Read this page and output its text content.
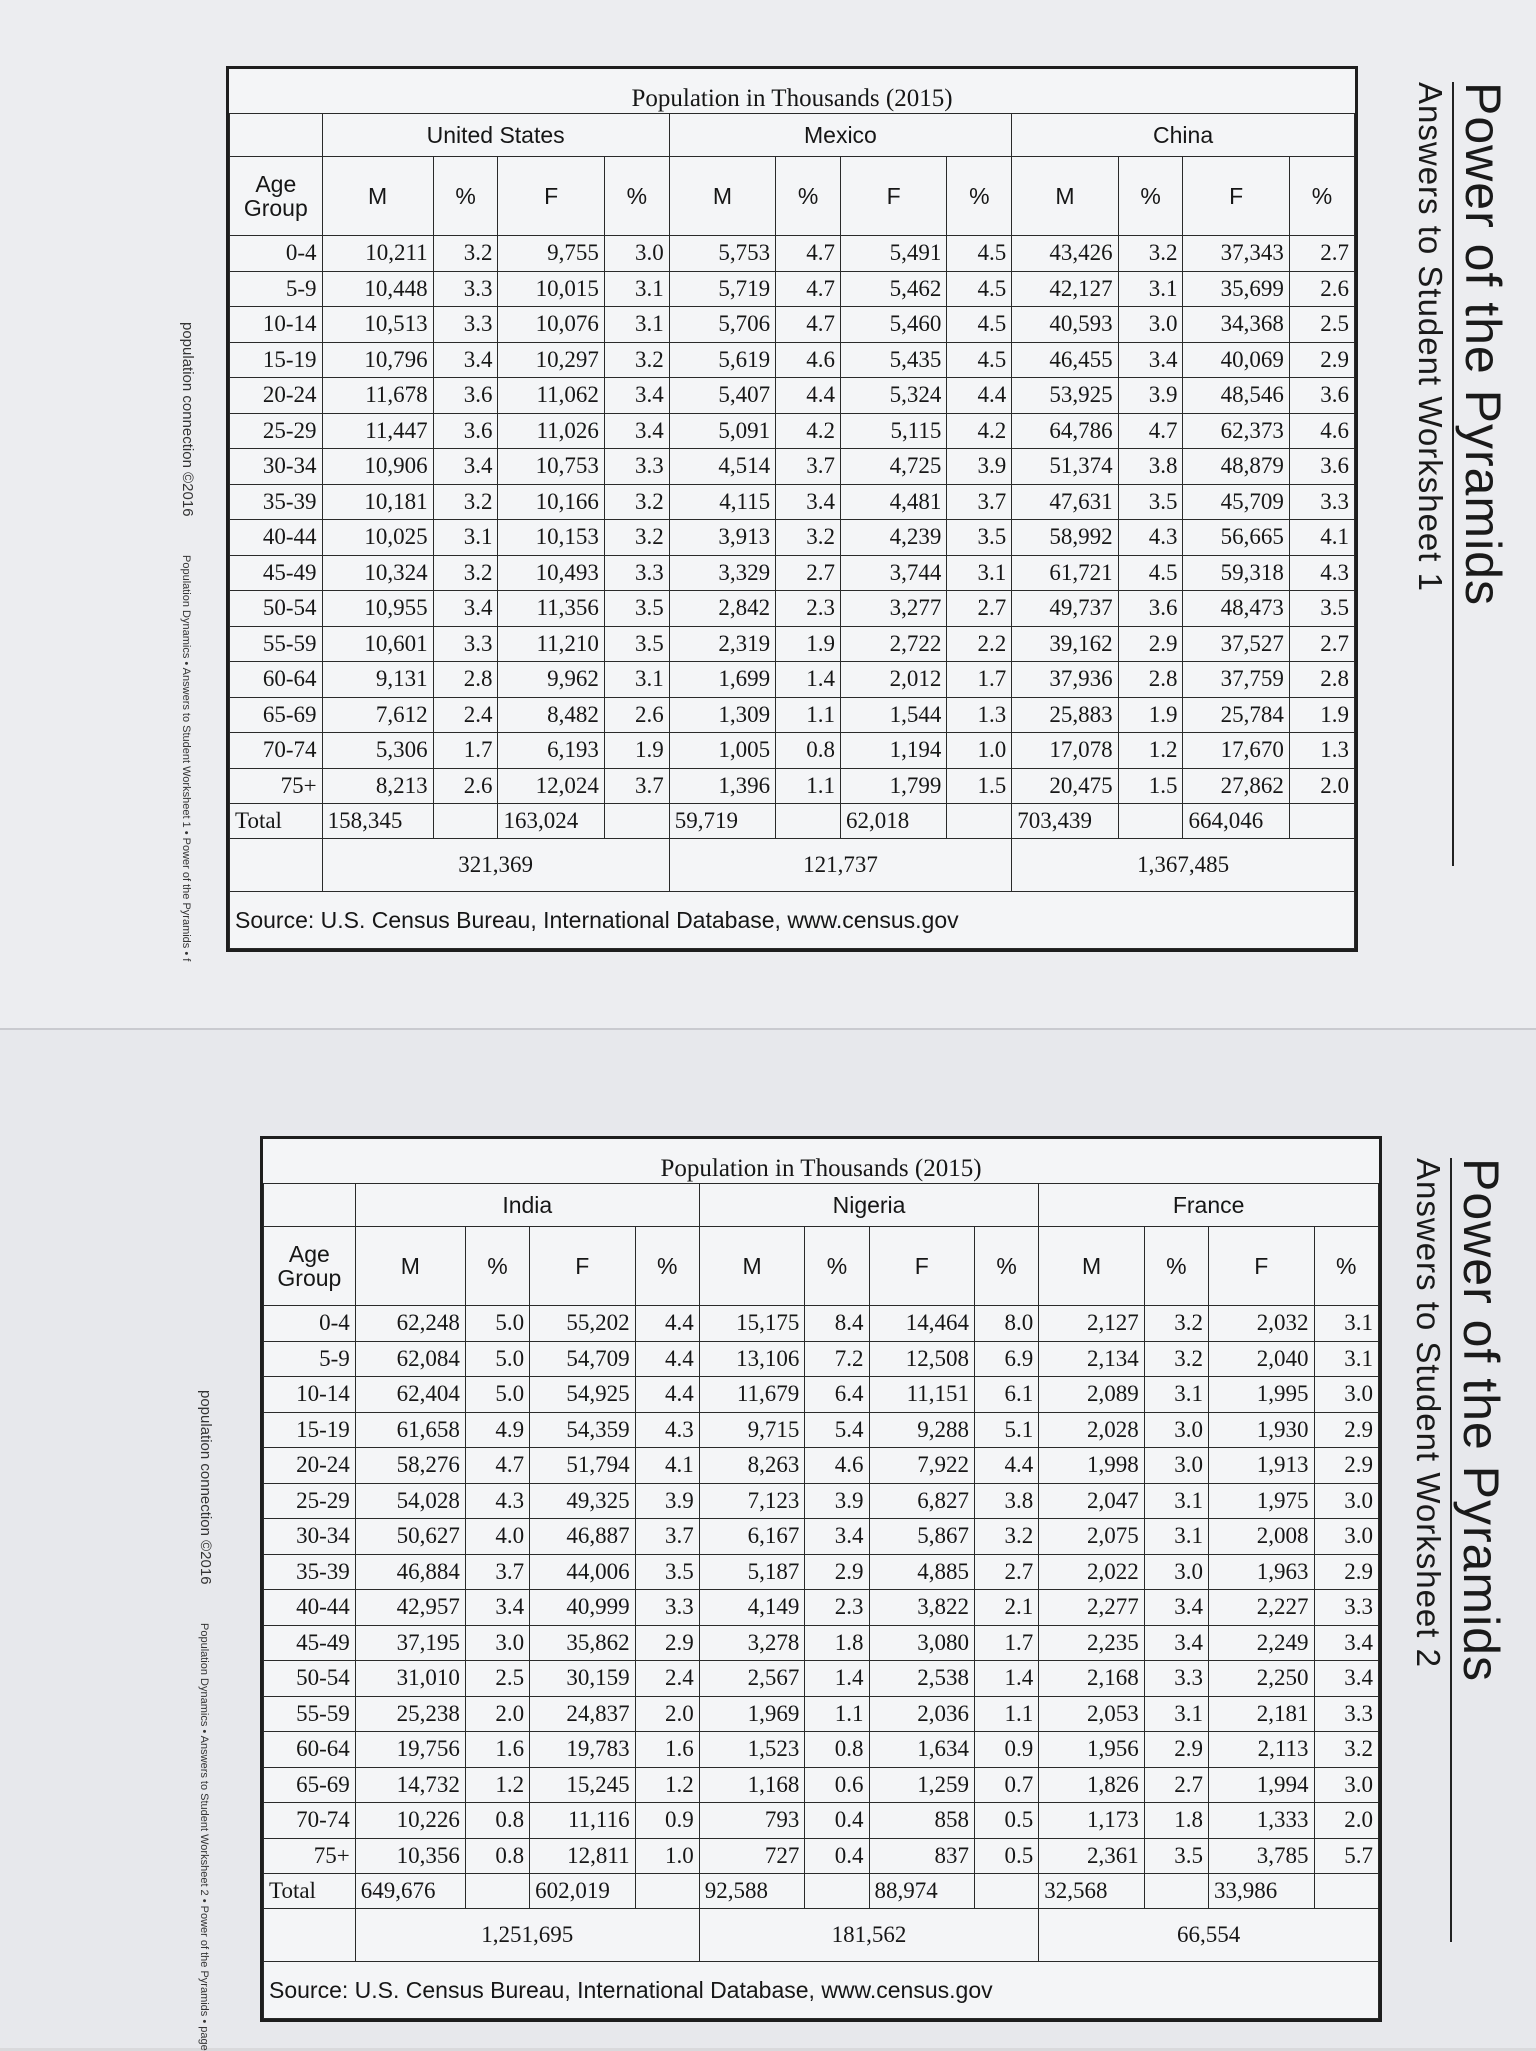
Power of the Pyramids
Answers to Student Worksheet 1
population connection ©2016 Population Dynamics • Answers to Student Worksheet 1 • Power of the Pyramids • f
Population in Thousands (2015)												
	United States				Mexico				China			
Age Group	M	%	F	%	M	%	F	%	M	%	F	%
0-4	10,211	3.2	9,755	3.0	5,753	4.7	5,491	4.5	43,426	3.2	37,343	2.7
5-9	10,448	3.3	10,015	3.1	5,719	4.7	5,462	4.5	42,127	3.1	35,699	2.6
10-14	10,513	3.3	10,076	3.1	5,706	4.7	5,460	4.5	40,593	3.0	34,368	2.5
15-19	10,796	3.4	10,297	3.2	5,619	4.6	5,435	4.5	46,455	3.4	40,069	2.9
20-24	11,678	3.6	11,062	3.4	5,407	4.4	5,324	4.4	53,925	3.9	48,546	3.6
25-29	11,447	3.6	11,026	3.4	5,091	4.2	5,115	4.2	64,786	4.7	62,373	4.6
30-34	10,906	3.4	10,753	3.3	4,514	3.7	4,725	3.9	51,374	3.8	48,879	3.6
35-39	10,181	3.2	10,166	3.2	4,115	3.4	4,481	3.7	47,631	3.5	45,709	3.3
40-44	10,025	3.1	10,153	3.2	3,913	3.2	4,239	3.5	58,992	4.3	56,665	4.1
45-49	10,324	3.2	10,493	3.3	3,329	2.7	3,744	3.1	61,721	4.5	59,318	4.3
50-54	10,955	3.4	11,356	3.5	2,842	2.3	3,277	2.7	49,737	3.6	48,473	3.5
55-59	10,601	3.3	11,210	3.5	2,319	1.9	2,722	2.2	39,162	2.9	37,527	2.7
60-64	9,131	2.8	9,962	3.1	1,699	1.4	2,012	1.7	37,936	2.8	37,759	2.8
65-69	7,612	2.4	8,482	2.6	1,309	1.1	1,544	1.3	25,883	1.9	25,784	1.9
70-74	5,306	1.7	6,193	1.9	1,005	0.8	1,194	1.0	17,078	1.2	17,670	1.3
75+	8,213	2.6	12,024	3.7	1,396	1.1	1,799	1.5	20,475	1.5	27,862	2.0
Total	158,345		163,024		59,719		62,018		703,439		664,046	
	321,369				121,737				1,367,485			
Source: U.S. Census Bureau, International Database, www.census.gov												
Power of the Pyramids
Answers to Student Worksheet 2
population connection ©2016 Population Dynamics • Answers to Student Worksheet 2 • Power of the Pyramids • page
Population in Thousands (2015)												
	India				Nigeria				France			
Age Group	M	%	F	%	M	%	F	%	M	%	F	%
0-4	62,248	5.0	55,202	4.4	15,175	8.4	14,464	8.0	2,127	3.2	2,032	3.1
5-9	62,084	5.0	54,709	4.4	13,106	7.2	12,508	6.9	2,134	3.2	2,040	3.1
10-14	62,404	5.0	54,925	4.4	11,679	6.4	11,151	6.1	2,089	3.1	1,995	3.0
15-19	61,658	4.9	54,359	4.3	9,715	5.4	9,288	5.1	2,028	3.0	1,930	2.9
20-24	58,276	4.7	51,794	4.1	8,263	4.6	7,922	4.4	1,998	3.0	1,913	2.9
25-29	54,028	4.3	49,325	3.9	7,123	3.9	6,827	3.8	2,047	3.1	1,975	3.0
30-34	50,627	4.0	46,887	3.7	6,167	3.4	5,867	3.2	2,075	3.1	2,008	3.0
35-39	46,884	3.7	44,006	3.5	5,187	2.9	4,885	2.7	2,022	3.0	1,963	2.9
40-44	42,957	3.4	40,999	3.3	4,149	2.3	3,822	2.1	2,277	3.4	2,227	3.3
45-49	37,195	3.0	35,862	2.9	3,278	1.8	3,080	1.7	2,235	3.4	2,249	3.4
50-54	31,010	2.5	30,159	2.4	2,567	1.4	2,538	1.4	2,168	3.3	2,250	3.4
55-59	25,238	2.0	24,837	2.0	1,969	1.1	2,036	1.1	2,053	3.1	2,181	3.3
60-64	19,756	1.6	19,783	1.6	1,523	0.8	1,634	0.9	1,956	2.9	2,113	3.2
65-69	14,732	1.2	15,245	1.2	1,168	0.6	1,259	0.7	1,826	2.7	1,994	3.0
70-74	10,226	0.8	11,116	0.9	793	0.4	858	0.5	1,173	1.8	1,333	2.0
75+	10,356	0.8	12,811	1.0	727	0.4	837	0.5	2,361	3.5	3,785	5.7
Total	649,676		602,019		92,588		88,974		32,568		33,986	
	1,251,695				181,562				66,554			
Source: U.S. Census Bureau, International Database, www.census.gov												
